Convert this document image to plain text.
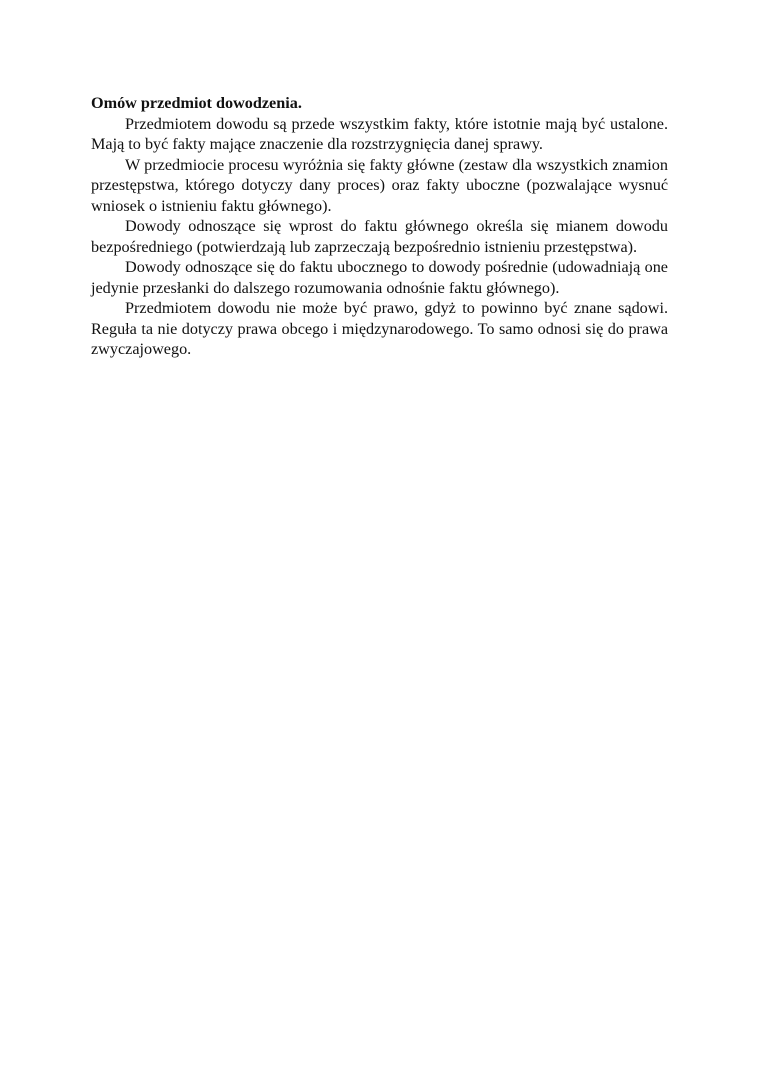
Omów przedmiot dowodzenia.

Przedmiotem dowodu są przede wszystkim fakty, które istotnie mają być ustalone. Mają to być fakty mające znaczenie dla rozstrzygnięcia danej sprawy.

W przedmiocie procesu wyróżnia się fakty główne (zestaw dla wszystkich znamion przestępstwa, którego dotyczy dany proces) oraz fakty uboczne (pozwalające wysnuć wniosek o istnieniu faktu głównego).

Dowody odnoszące się wprost do faktu głównego określa się mianem dowodu bezpośredniego (potwierdzają lub zaprzeczają bezpośrednio istnieniu przestępstwa).

Dowody odnoszące się do faktu ubocznego to dowody pośrednie (udowadniają one jedynie przesłanki do dalszego rozumowania odnośnie faktu głównego).

Przedmiotem dowodu nie może być prawo, gdyż to powinno być znane sądowi. Reguła ta nie dotyczy prawa obcego i międzynarodowego. To samo odnosi się do prawa zwyczajowego.
